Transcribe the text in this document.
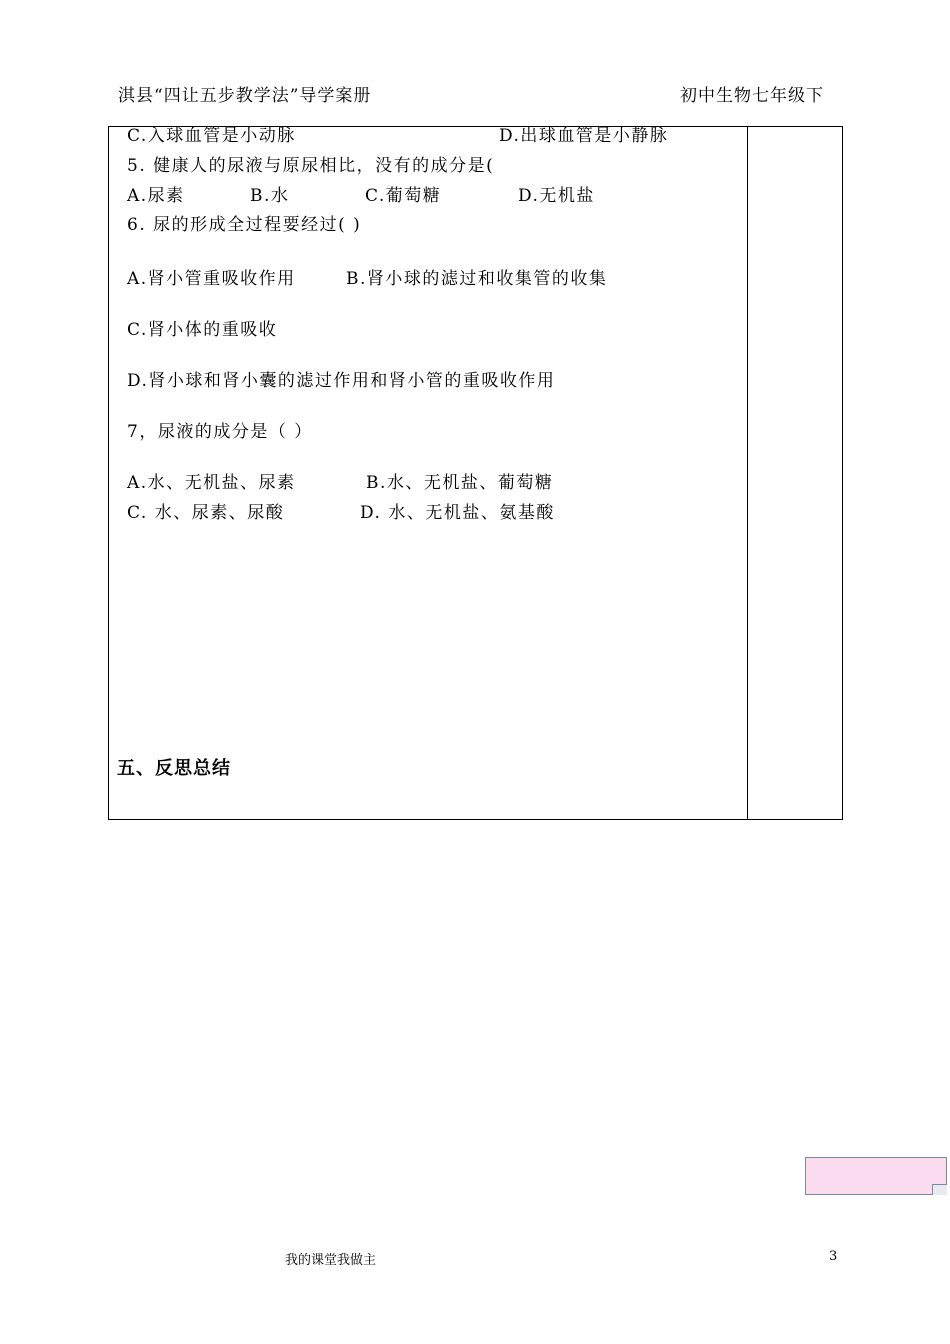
淇县“四让五步教学法”导学案册	初中生物七年级下
C.入球血管是小动脉	D.出球血管是小静脉
5. 健康人的尿液与原尿相比，没有的成分是(
A.尿素	B.水	C.葡萄糖	D.无机盐
6. 尿的形成全过程要经过( )
A.肾小管重吸收作用	B.肾小球的滤过和收集管的收集
C.肾小体的重吸收
D.肾小球和肾小囊的滤过作用和肾小管的重吸收作用
7，尿液的成分是（ ）
A.水、无机盐、尿素	B.水、无机盐、葡萄糖
C. 水、尿素、尿酸	D. 水、无机盐、氨基酸
五、反思总结
我的课堂我做主	3
